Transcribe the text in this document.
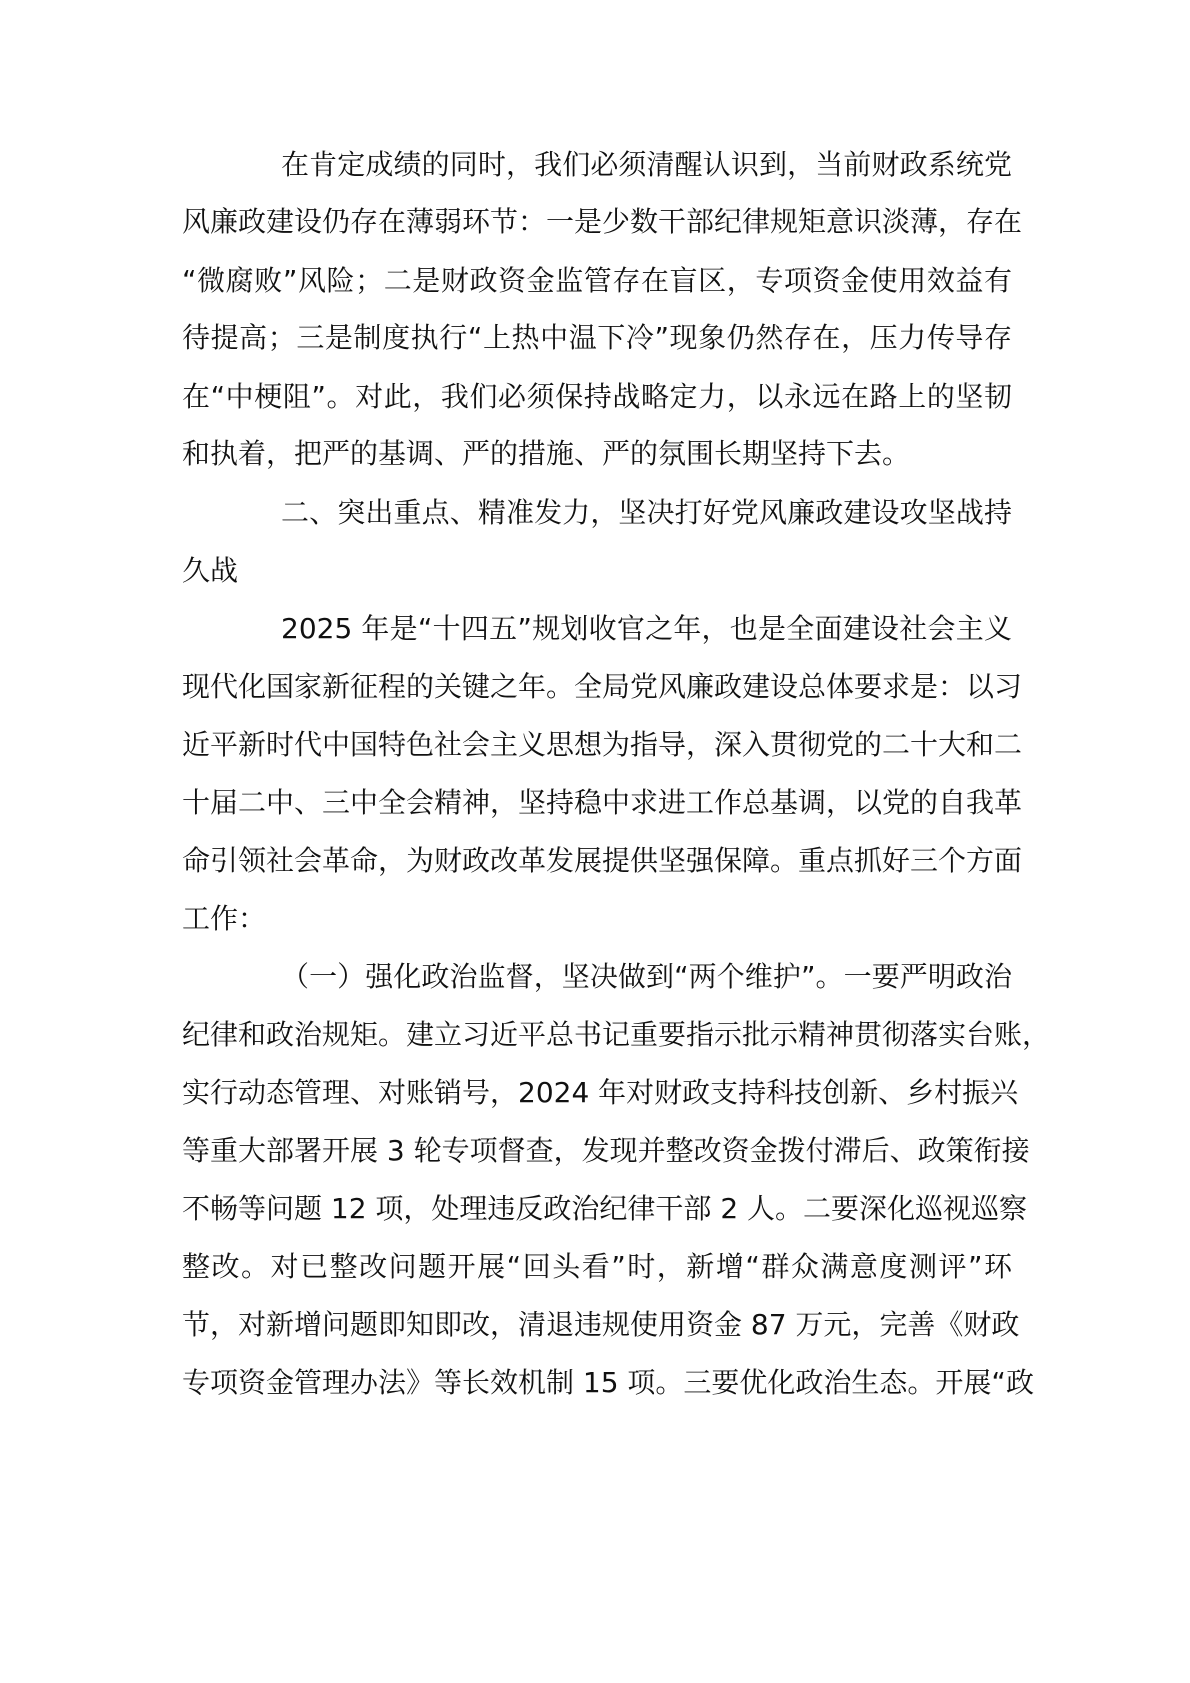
在肯定成绩的同时，我们必须清醒认识到，当前财政系统党

风廉政建设仍存在薄弱环节：一是少数干部纪律规矩意识淡薄，存在

“微腐败”风险；二是财政资金监管存在盲区，专项资金使用效益有

待提高；三是制度执行“上热中温下冷”现象仍然存在，压力传导存

在“中梗阻”。对此，我们必须保持战略定力，以永远在路上的坚韧

和执着，把严的基调、严的措施、严的氛围长期坚持下去。

二、突出重点、精准发力，坚决打好党风廉政建设攻坚战持

久战

2025 年是“十四五”规划收官之年，也是全面建设社会主义

现代化国家新征程的关键之年。全局党风廉政建设总体要求是：以习

近平新时代中国特色社会主义思想为指导，深入贯彻党的二十大和二

十届二中、三中全会精神，坚持稳中求进工作总基调，以党的自我革

命引领社会革命，为财政改革发展提供坚强保障。重点抓好三个方面

工作：

（一）强化政治监督，坚决做到“两个维护”。一要严明政治

纪律和政治规矩。建立习近平总书记重要指示批示精神贯彻落实台账，

实行动态管理、对账销号，2024 年对财政支持科技创新、乡村振兴

等重大部署开展 3 轮专项督查，发现并整改资金拨付滞后、政策衔接

不畅等问题 12 项，处理违反政治纪律干部 2 人。二要深化巡视巡察

整改。对已整改问题开展“回头看”时，新增“群众满意度测评”环

节，对新增问题即知即改，清退违规使用资金 87 万元，完善《财政

专项资金管理办法》等长效机制 15 项。三要优化政治生态。开展“政
